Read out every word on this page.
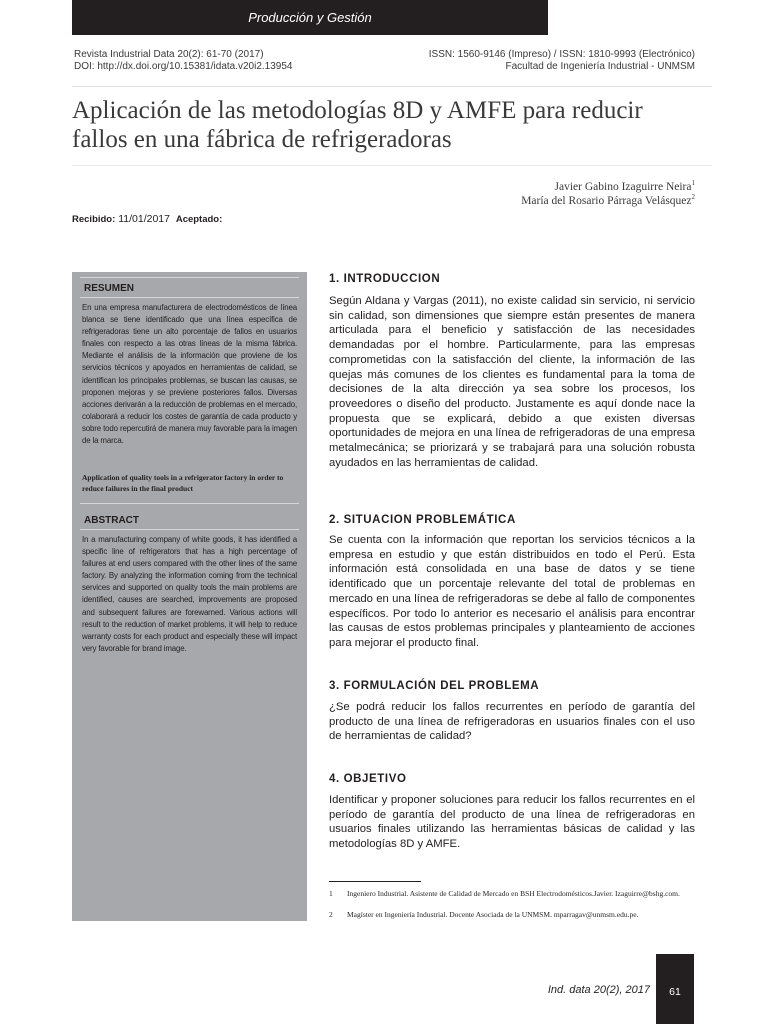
Producción y Gestión
Revista Industrial Data 20(2): 61-70 (2017)
DOI: http://dx.doi.org/10.15381/idata.v20i2.13954
ISSN: 1560-9146 (Impreso) / ISSN: 1810-9993 (Electrónico)
Facultad de Ingeniería Industrial - UNMSM
Aplicación de las metodologías 8D y AMFE para reducir fallos en una fábrica de refrigeradoras
Javier Gabino Izaguirre Neira$^1$
María del Rosario Párraga Velásquez$^2$
Recibido: 11/01/2017 Aceptado:
RESUMEN
En una empresa manufacturera de electrodomésticos de línea blanca se tiene identificado que una línea específica de refrigeradoras tiene un alto porcentaje de fallos en usuarios finales con respecto a las otras líneas de la misma fábrica. Mediante el análisis de la información que proviene de los servicios técnicos y apoyados en herramientas de calidad, se identifican los principales problemas, se buscan las causas, se proponen mejoras y se previene posteriores fallos. Diversas acciones derivarán a la reducción de problemas en el mercado, colaborará a reducir los costes de garantía de cada producto y sobre todo repercutirá de manera muy favorable para la imagen de la marca.
Application of quality tools in a refrigerator factory in order to reduce failures in the final product
ABSTRACT
In a manufacturing company of white goods, it has identified a specific line of refrigerators that has a high percentage of failures at end users compared with the other lines of the same factory. By analyzing the information coming from the technical services and supported on quality tools the main problems are identified, causes are searched, improvements are proposed and subsequent failures are forewarned. Various actions will result to the reduction of market problems, it will help to reduce warranty costs for each product and especially these will impact very favorable for brand image.
1. INTRODUCCION
Según Aldana y Vargas (2011), no existe calidad sin servicio, ni servicio sin calidad, son dimensiones que siempre están presentes de manera articulada para el beneficio y satisfacción de las necesidades demandadas por el hombre. Particularmente, para las empresas comprometidas con la satisfacción del cliente, la información de las quejas más comunes de los clientes es fundamental para la toma de decisiones de la alta dirección ya sea sobre los procesos, los proveedores o diseño del producto. Justamente es aquí donde nace la propuesta que se explicará, debido a que existen diversas oportunidades de mejora en una línea de refrigeradoras de una empresa metalmecánica; se priorizará y se trabajará para una solución robusta ayudados en las herramientas de calidad.
2. SITUACION PROBLEMÁTICA
Se cuenta con la información que reportan los servicios técnicos a la empresa en estudio y que están distribuidos en todo el Perú. Esta información está consolidada en una base de datos y se tiene identificado que un porcentaje relevante del total de problemas en mercado en una línea de refrigeradoras se debe al fallo de componentes específicos. Por todo lo anterior es necesario el análisis para encontrar las causas de estos problemas principales y planteamiento de acciones para mejorar el producto final.
3. FORMULACIÓN DEL PROBLEMA
¿Se podrá reducir los fallos recurrentes en período de garantía del producto de una línea de refrigeradoras en usuarios finales con el uso de herramientas de calidad?
4. OBJETIVO
Identificar y proponer soluciones para reducir los fallos recurrentes en el período de garantía del producto de una línea de refrigeradoras en usuarios finales utilizando las herramientas básicas de calidad y las metodologías 8D y AMFE.
1	Ingeniero Industrial. Asistente de Calidad de Mercado en BSH Electrodomésticos.Javier. Izaguirre@bshg.com.
2	Magíster en Ingeniería Industrial. Docente Asociada de la UNMSM. mparragav@unmsm.edu.pe.
Ind. data 20(2), 2017 61
